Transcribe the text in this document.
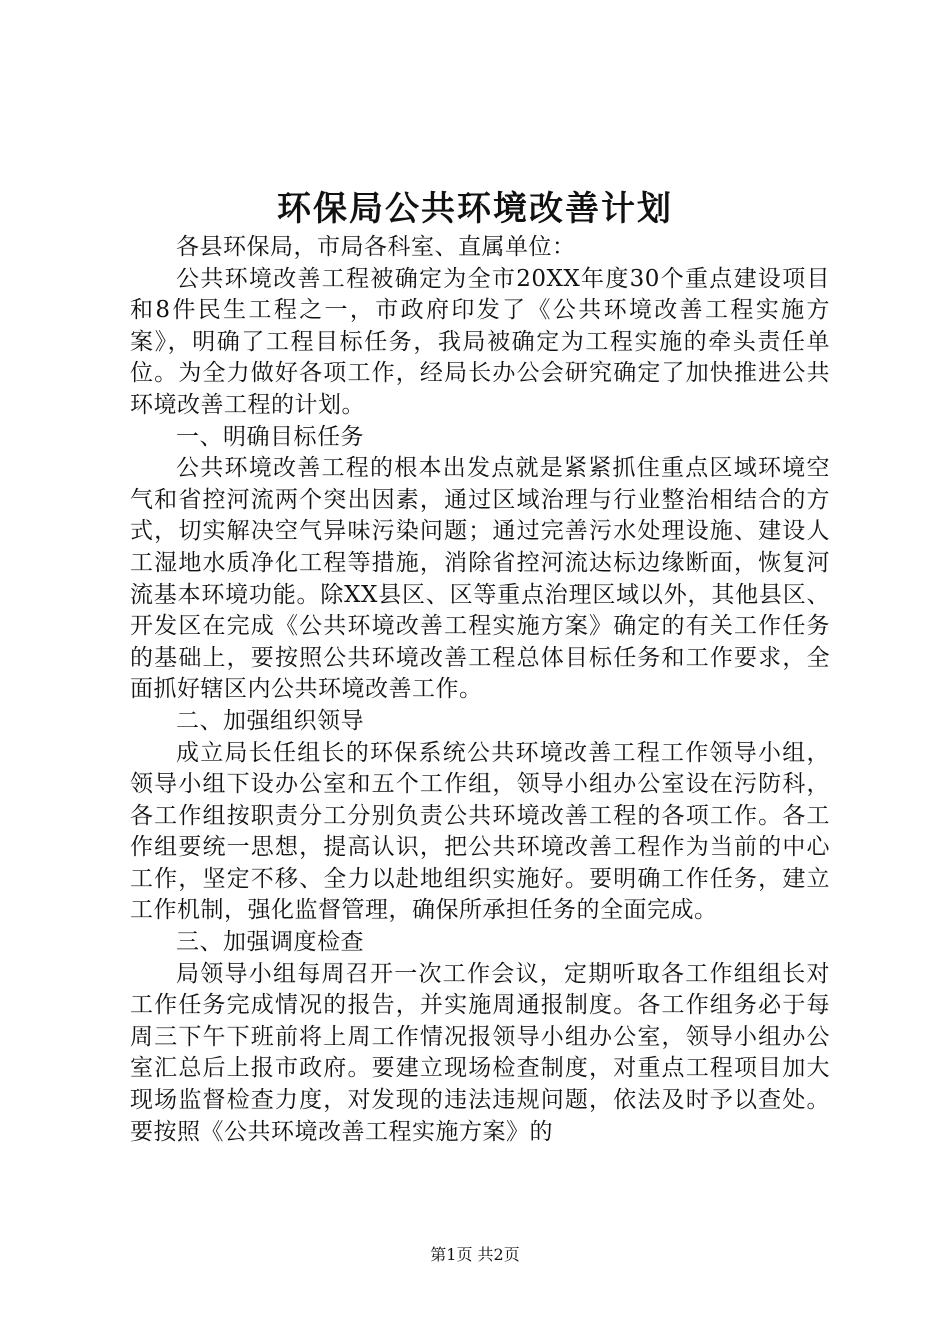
环保局公共环境改善计划

各县环保局，市局各科室、直属单位：

公共环境改善工程被确定为全市20XX年度30个重点建设项目和8件民生工程之一，市政府印发了《公共环境改善工程实施方案》，明确了工程目标任务，我局被确定为工程实施的牵头责任单位。为全力做好各项工作，经局长办公会研究确定了加快推进公共环境改善工程的计划。

一、明确目标任务

公共环境改善工程的根本出发点就是紧紧抓住重点区域环境空气和省控河流两个突出因素，通过区域治理与行业整治相结合的方式，切实解决空气异味污染问题；通过完善污水处理设施、建设人工湿地水质净化工程等措施，消除省控河流达标边缘断面，恢复河流基本环境功能。除XX县区、区等重点治理区域以外，其他县区、开发区在完成《公共环境改善工程实施方案》确定的有关工作任务的基础上，要按照公共环境改善工程总体目标任务和工作要求，全面抓好辖区内公共环境改善工作。

二、加强组织领导

成立局长任组长的环保系统公共环境改善工程工作领导小组，领导小组下设办公室和五个工作组，领导小组办公室设在污防科，各工作组按职责分工分别负责公共环境改善工程的各项工作。各工作组要统一思想，提高认识，把公共环境改善工程作为当前的中心工作，坚定不移、全力以赴地组织实施好。要明确工作任务，建立工作机制，强化监督管理，确保所承担任务的全面完成。

三、加强调度检查

局领导小组每周召开一次工作会议，定期听取各工作组组长对工作任务完成情况的报告，并实施周通报制度。各工作组务必于每周三下午下班前将上周工作情况报领导小组办公室，领导小组办公室汇总后上报市政府。要建立现场检查制度，对重点工程项目加大现场监督检查力度，对发现的违法违规问题，依法及时予以查处。要按照《公共环境改善工程实施方案》的

第1页 共2页
